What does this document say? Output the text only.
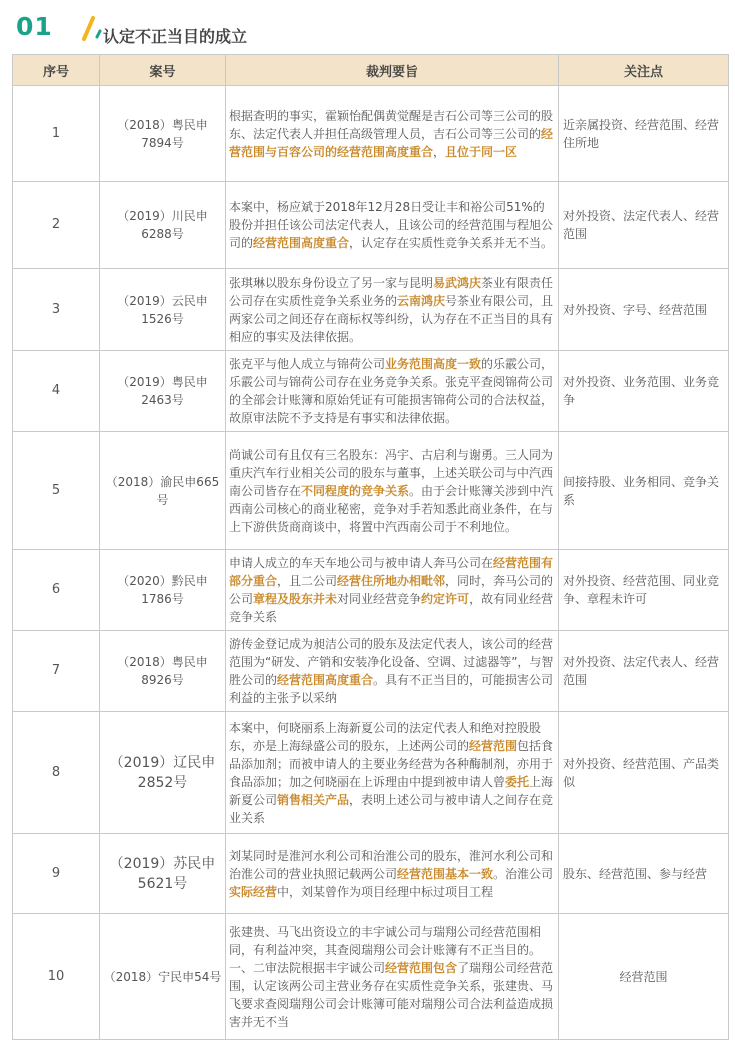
01	认定不正当目的成立
序号	案号	裁判要旨	关注点
1	（2018）粤民申7894号	根据查明的事实，霍颖怡配偶黄觉醒是吉石公司等三公司的股东、法定代表人并担任高级管理人员，吉石公司等三公司的经营范围与百容公司的经营范围高度重合，且位于同一区	近亲属投资、经营范围、经营住所地
2	（2019）川民申6288号	本案中，杨应斌于2018年12月28日受让丰和裕公司51%的股份并担任该公司法定代表人，且该公司的经营范围与程旭公司的经营范围高度重合，认定存在实质性竞争关系并无不当。	对外投资、法定代表人、经营范围
3	（2019）云民申1526号	张琪琳以股东身份设立了另一家与昆明易武鸿庆茶业有限责任公司存在实质性竞争关系业务的云南鸿庆号茶业有限公司，且两家公司之间还存在商标权等纠纷，认为存在不正当目的具有相应的事实及法律依据。	对外投资、字号、经营范围
4	（2019）粤民申2463号	张克平与他人成立与锦荷公司业务范围高度一致的乐霰公司，乐霰公司与锦荷公司存在业务竞争关系。张克平查阅锦荷公司的全部会计账簿和原始凭证有可能损害锦荷公司的合法权益，故原审法院不予支持是有事实和法律依据。	对外投资、业务范围、业务竞争
5	（2018）渝民申665号	尚诚公司有且仅有三名股东：冯宇、古启利与谢勇。三人同为重庆汽车行业相关公司的股东与董事，上述关联公司与中汽西南公司皆存在不同程度的竞争关系。由于会计账簿关涉到中汽西南公司核心的商业秘密，竞争对手若知悉此商业条件，在与上下游供货商商谈中，将置中汽西南公司于不利地位。	间接持股、业务相同、竞争关系
6	（2020）黔民申1786号	申请人成立的车天车地公司与被申请人奔马公司在经营范围有部分重合，且二公司经营住所地办相毗邻，同时，奔马公司的公司章程及股东并未对同业经营竞争约定许可，故有同业经营竞争关系	对外投资、经营范围、同业竞争、章程未许可
7	（2018）粤民申8926号	游传金登记成为昶洁公司的股东及法定代表人，该公司的经营范围为“研发、产销和安装净化设备、空调、过滤器等”，与智胜公司的经营范围高度重合。具有不正当目的，可能损害公司利益的主张予以采纳	对外投资、法定代表人、经营范围
8	（2019）辽民申2852号	本案中，何晓丽系上海新夏公司的法定代表人和绝对控股股东，亦是上海绿盛公司的股东，上述两公司的经营范围包括食品添加剂；而被申请人的主要业务经营为各种酶制剂，亦用于食品添加；加之何晓丽在上诉理由中提到被申请人曾委托上海新夏公司销售相关产品，表明上述公司与被申请人之间存在竞业关系	对外投资、经营范围、产品类似
9	（2019）苏民申5621号	刘某同时是淮河水利公司和治淮公司的股东，淮河水利公司和治淮公司的营业执照记载两公司经营范围基本一致。治淮公司实际经营中，刘某曾作为项目经理中标过项目工程	股东、经营范围、参与经营
10	（2018）宁民申54号	张建贵、马飞出资设立的丰宇诚公司与瑞翔公司经营范围相同，有利益冲突，其查阅瑞翔公司会计账簿有不正当目的。一、二审法院根据丰宇诚公司经营范围包含了瑞翔公司经营范围，认定该两公司主营业务存在实质性竞争关系，张建贵、马飞要求查阅瑞翔公司会计账簿可能对瑞翔公司合法利益造成损害并无不当	经营范围
